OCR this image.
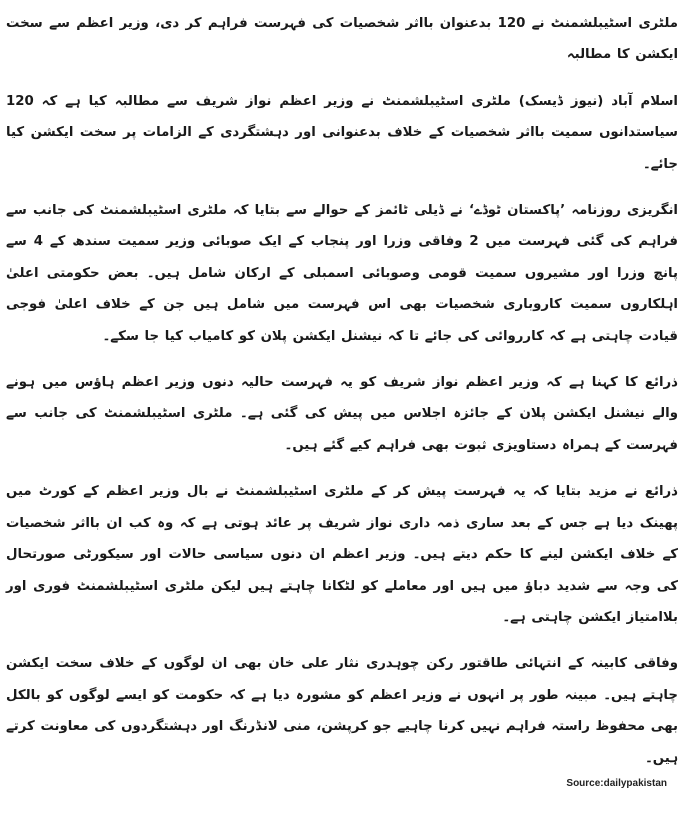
ملٹری اسٹیبلشمنٹ نے 120 بدعنوان بااثر شخصیات کی فہرست فراہم کر دی، وزیر اعظم سے سخت ایکشن کا مطالبہ

اسلام آباد (نیوز ڈیسک) ملٹری اسٹیبلشمنٹ نے وزیر اعظم نواز شریف سے مطالبہ کیا ہے کہ 120 سیاستدانوں سمیت بااثر شخصیات کے خلاف بدعنوانی اور دہشتگردی کے الزامات پر سخت ایکشن کیا جائے۔

انگریزی روزنامہ ’پاکستان ٹوڈے‘ نے ڈیلی ٹائمز کے حوالے سے بتایا کہ ملٹری اسٹیبلشمنٹ کی جانب سے فراہم کی گئی فہرست میں 2 وفاقی وزرا اور پنجاب کے ایک صوبائی وزیر سمیت سندھ کے 4 سے پانچ وزرا اور مشیروں سمیت قومی وصوبائی اسمبلی کے ارکان شامل ہیں۔ بعض حکومتی اعلیٰ اہلکاروں سمیت کاروباری شخصیات بھی اس فہرست میں شامل ہیں جن کے خلاف اعلیٰ فوجی قیادت چاہتی ہے کہ کارروائی کی جائے تا کہ نیشنل ایکشن پلان کو کامیاب کیا جا سکے۔

ذرائع کا کہنا ہے کہ وزیر اعظم نواز شریف کو یہ فہرست حالیہ دنوں وزیر اعظم ہاؤس میں ہونے والے نیشنل ایکشن پلان کے جائزہ اجلاس میں پیش کی گئی ہے۔ ملٹری اسٹیبلشمنٹ کی جانب سے فہرست کے ہمراہ دستاویزی ثبوت بھی فراہم کیے گئے ہیں۔

ذرائع نے مزید بتایا کہ یہ فہرست پیش کر کے ملٹری اسٹیبلشمنٹ نے بال وزیر اعظم کے کورٹ میں پھینک دیا ہے جس کے بعد ساری ذمہ داری نواز شریف پر عائد ہوتی ہے کہ وہ کب ان بااثر شخصیات کے خلاف ایکشن لینے کا حکم دیتے ہیں۔ وزیر اعظم ان دنوں سیاسی حالات اور سیکورٹی صورتحال کی وجہ سے شدید دباؤ میں ہیں اور معاملے کو لٹکانا چاہتے ہیں لیکن ملٹری اسٹیبلشمنٹ فوری اور بلاامتیاز ایکشن چاہتی ہے۔

وفاقی کابینہ کے انتہائی طاقتور رکن چوہدری نثار علی خان بھی ان لوگوں کے خلاف سخت ایکشن چاہتے ہیں۔ مبینہ طور پر انہوں نے وزیر اعظم کو مشورہ دیا ہے کہ حکومت کو ایسے لوگوں کو بالکل بھی محفوظ راستہ فراہم نہیں کرنا چاہیے جو کرپشن، منی لانڈرنگ اور دہشتگردوں کی معاونت کرتے ہیں۔

Source:dailypakistan
